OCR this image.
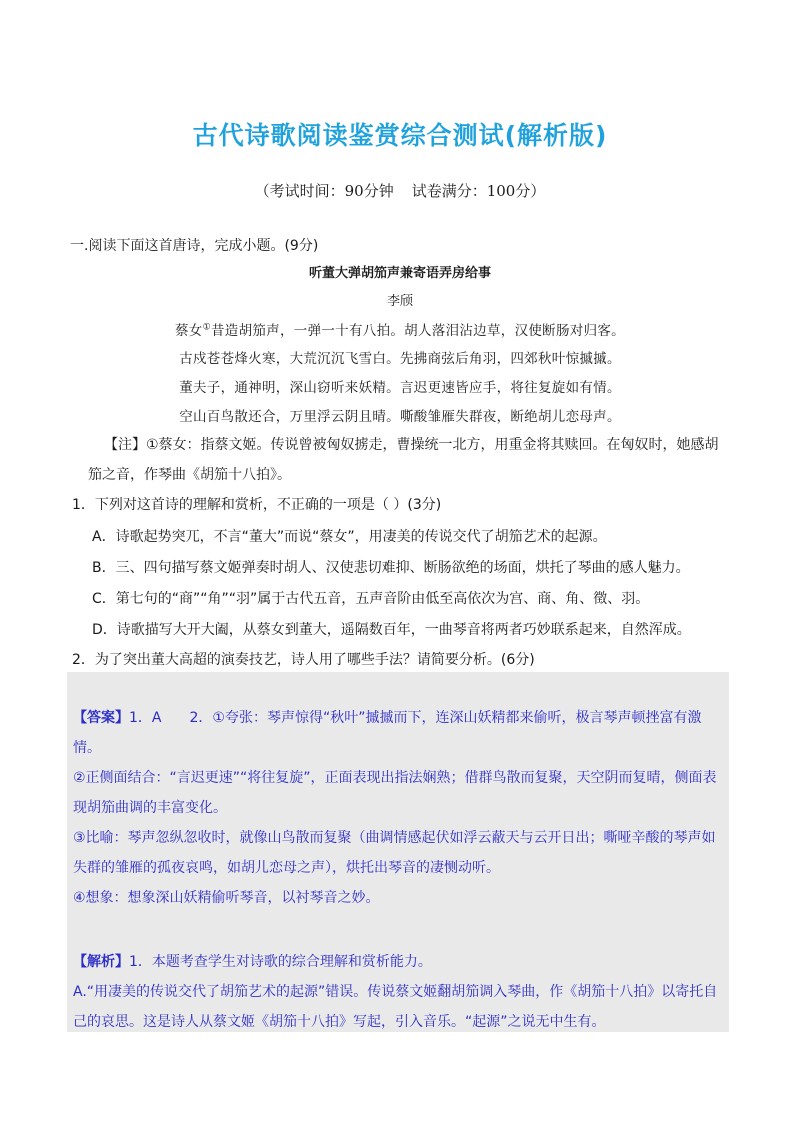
古代诗歌阅读鉴赏综合测试(解析版)
（考试时间：90分钟 试卷满分：100分）
一.阅读下面这首唐诗，完成小题。(9分)
听董大弹胡笳声兼寄语弄房给事
李颀
蔡女①昔造胡笳声，一弹一十有八拍。胡人落泪沾边草，汉使断肠对归客。
古戍苍苍烽火寒，大荒沉沉飞雪白。先拂商弦后角羽，四郊秋叶惊摵摵。
董夫子，通神明，深山窃听来妖精。言迟更速皆应手，将往复旋如有情。
空山百鸟散还合，万里浮云阴且晴。嘶酸雏雁失群夜，断绝胡儿恋母声。
【注】①蔡女：指蔡文姬。传说曾被匈奴掳走，曹操统一北方，用重金将其赎回。在匈奴时，她感胡笳之音，作琴曲《胡笳十八拍》。
1．下列对这首诗的理解和赏析，不正确的一项是（ ）(3分)
A．诗歌起势突兀，不言“董大”而说“蔡女”，用凄美的传说交代了胡笳艺术的起源。
B．三、四句描写蔡文姬弹奏时胡人、汉使悲切难抑、断肠欲绝的场面，烘托了琴曲的感人魅力。
C．第七句的“商”“角”“羽”属于古代五音，五声音阶由低至高依次为宫、商、角、徵、羽。
D．诗歌描写大开大阖，从蔡女到董大，遥隔数百年，一曲琴音将两者巧妙联系起来，自然浑成。
2．为了突出董大高超的演奏技艺，诗人用了哪些手法？请简要分析。(6分)
【答案】1．A　　2．①夸张：琴声惊得“秋叶”摵摵而下，连深山妖精都来偷听，极言琴声顿挫富有激情。
②正侧面结合：“言迟更速”“将往复旋”，正面表现出指法娴熟；借群鸟散而复聚，天空阴而复晴，侧面表现胡笳曲调的丰富变化。
③比喻：琴声忽纵忽收时，就像山鸟散而复聚（曲调情感起伏如浮云蔽天与云开日出；嘶哑辛酸的琴声如失群的雏雁的孤夜哀鸣，如胡儿恋母之声），烘托出琴音的凄恻动听。
④想象：想象深山妖精偷听琴音，以衬琴音之妙。
【解析】1．本题考查学生对诗歌的综合理解和赏析能力。
A.“用凄美的传说交代了胡笳艺术的起源”错误。传说蔡文姬翻胡笳调入琴曲，作《胡笳十八拍》以寄托自己的哀思。这是诗人从蔡文姬《胡笳十八拍》写起，引入音乐。“起源”之说无中生有。
